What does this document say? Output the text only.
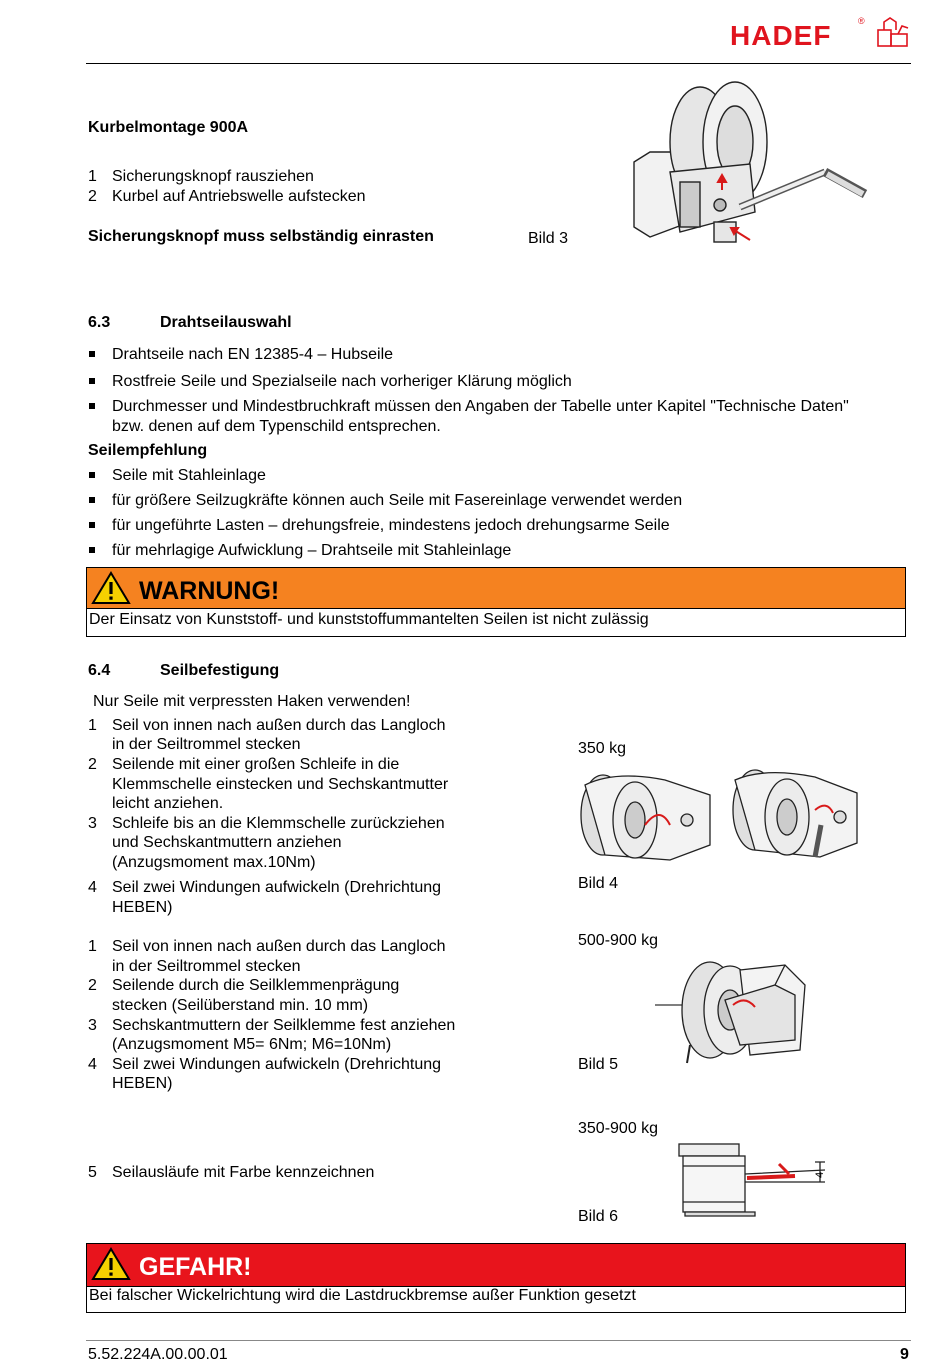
HADEF	®
Kurbelmontage 900A
1 Sicherungsknopf rausziehen
2 Kurbel auf Antriebswelle aufstecken
Sicherungsknopf muss selbständig einrasten	Bild 3
6.3	Drahtseilauswahl
Drahtseile nach EN 12385-4 – Hubseile
Rostfreie Seile und Spezialseile nach vorheriger Klärung möglich
Durchmesser und Mindestbruchkraft müssen den Angaben der Tabelle unter Kapitel "Technische Daten"
bzw. denen auf dem Typenschild entsprechen.
Seilempfehlung
Seile mit Stahleinlage
für größere Seilzugkräfte können auch Seile mit Fasereinlage verwendet werden
für ungeführte Lasten – drehungsfreie, mindestens jedoch drehungsarme Seile
für mehrlagige Aufwicklung – Drahtseile mit Stahleinlage
WARNUNG!
Der Einsatz von Kunststoff- und kunststoffummantelten Seilen ist nicht zulässig
6.4	Seilbefestigung
Nur Seile mit verpressten Haken verwenden!
1 Seil von innen nach außen durch das Langloch
in der Seiltrommel stecken
2 Seilende mit einer großen Schleife in die
Klemmschelle einstecken und Sechskantmutter
leicht anziehen.
3 Schleife bis an die Klemmschelle zurückziehen
und Sechskantmuttern anziehen
(Anzugsmoment max.10Nm)
4 Seil zwei Windungen aufwickeln (Drehrichtung
HEBEN)
1 Seil von innen nach außen durch das Langloch
in der Seiltrommel stecken
2 Seilende durch die Seilklemmenprägung
stecken (Seilüberstand min. 10 mm)
3 Sechskantmuttern der Seilklemme fest anziehen
(Anzugsmoment M5= 6Nm; M6=10Nm)
4 Seil zwei Windungen aufwickeln (Drehrichtung
HEBEN)
5 Seilausläufe mit Farbe kennzeichnen
350 kg
Bild 4
500-900 kg
Bild 5
350-900 kg
4
Bild 6
GEFAHR!
Bei falscher Wickelrichtung wird die Lastdruckbremse außer Funktion gesetzt
5.52.224A.00.00.01	9
